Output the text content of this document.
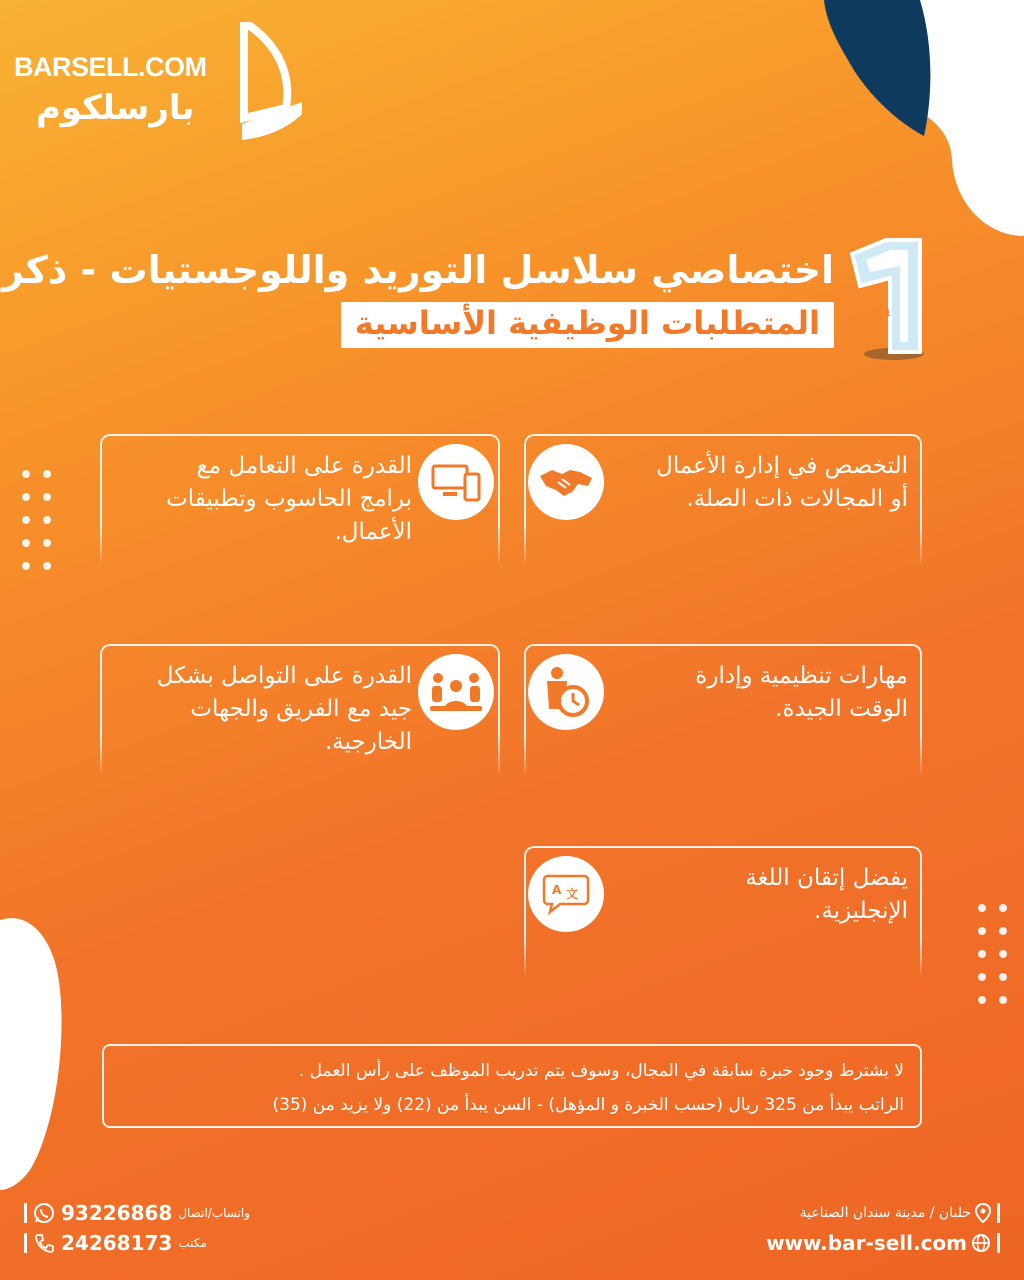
BARSELL.COM
بارسلكوم
اختصاصي سلاسل التوريد واللوجستيات - ذكر
المتطلبات الوظيفية الأساسية	1
التخصص في إدارة الأعمال
أو المجالات ذات الصلة.
القدرة على التعامل مع
برامج الحاسوب وتطبيقات
الأعمال.
مهارات تنظيمية وإدارة
الوقت الجيدة.
القدرة على التواصل بشكل
جيد مع الفريق والجهات
الخارجية.
A 文
يفضل إتقان اللغة
الإنجليزية.
لا يشترط وجود خبرة سابقة في المجال، وسوف يتم تدريب الموظف على رأس العمل .
الراتب يبدأ من 325 ريال (حسب الخبرة و المؤهل) - السن يبدأ من (22) ولا يزيد من (35)
93226868 واتساب/اتصال
24268173 مكتب
حلبان / مدينة سندان الصناعية
www.bar-sell.com
